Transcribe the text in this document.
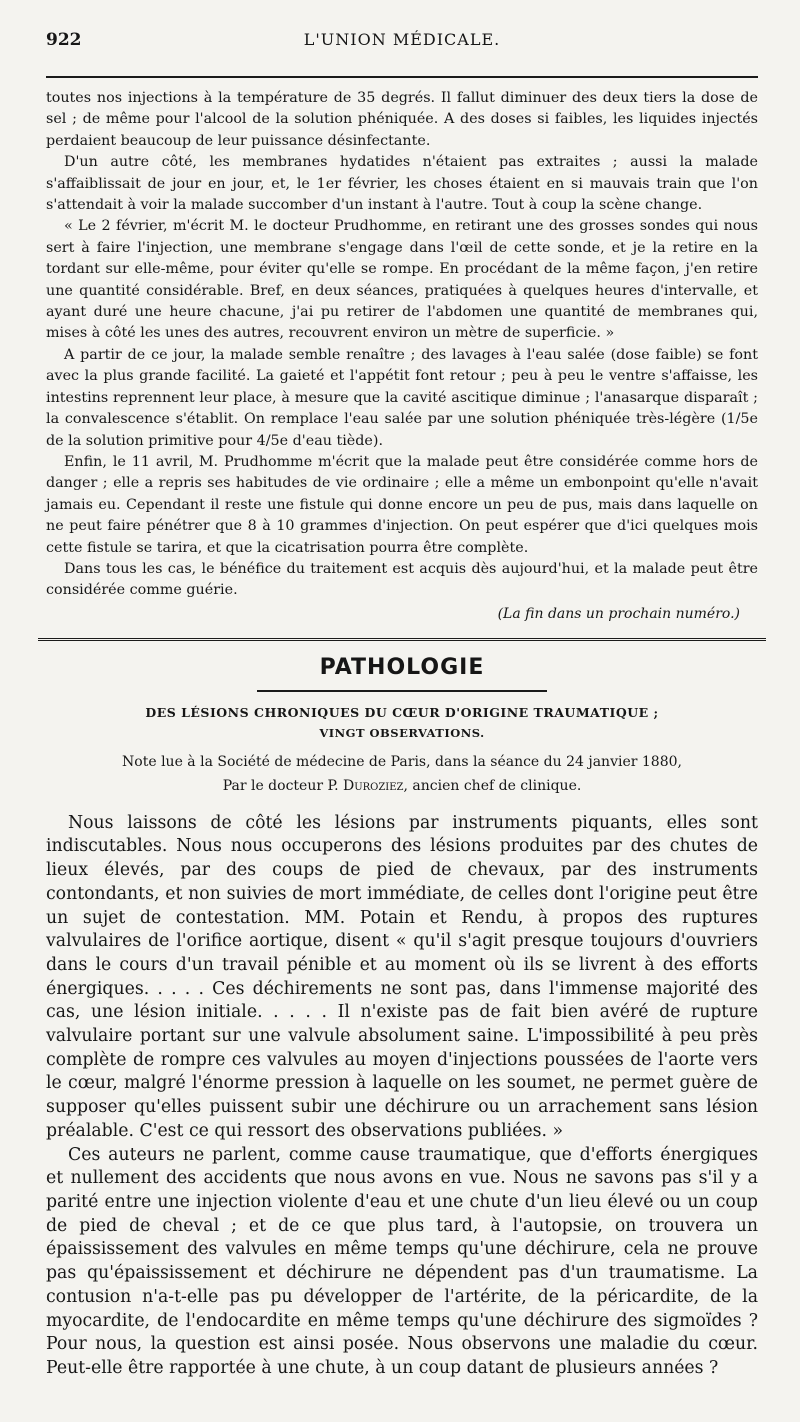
922	L'UNION MÉDICALE.

toutes nos injections à la température de 35 degrés. Il fallut diminuer des deux tiers la dose de sel ; de même pour l'alcool de la solution phéniquée. A des doses si faibles, les liquides injectés perdaient beaucoup de leur puissance désinfectante.

D'un autre côté, les membranes hydatides n'étaient pas extraites ; aussi la malade s'affaiblissait de jour en jour, et, le 1er février, les choses étaient en si mauvais train que l'on s'attendait à voir la malade succomber d'un instant à l'autre. Tout à coup la scène change.

« Le 2 février, m'écrit M. le docteur Prudhomme, en retirant une des grosses sondes qui nous sert à faire l'injection, une membrane s'engage dans l'œil de cette sonde, et je la retire en la tordant sur elle-même, pour éviter qu'elle se rompe. En procédant de la même façon, j'en retire une quantité considérable. Bref, en deux séances, pratiquées à quelques heures d'intervalle, et ayant duré une heure chacune, j'ai pu retirer de l'abdomen une quantité de membranes qui, mises à côté les unes des autres, recouvrent environ un mètre de superficie. »

A partir de ce jour, la malade semble renaître ; des lavages à l'eau salée (dose faible) se font avec la plus grande facilité. La gaieté et l'appétit font retour ; peu à peu le ventre s'affaisse, les intestins reprennent leur place, à mesure que la cavité ascitique diminue ; l'anasarque disparaît ; la convalescence s'établit. On remplace l'eau salée par une solution phéniquée très-légère (1/5e de la solution primitive pour 4/5e d'eau tiède).

Enfin, le 11 avril, M. Prudhomme m'écrit que la malade peut être considérée comme hors de danger ; elle a repris ses habitudes de vie ordinaire ; elle a même un embonpoint qu'elle n'avait jamais eu. Cependant il reste une fistule qui donne encore un peu de pus, mais dans laquelle on ne peut faire pénétrer que 8 à 10 grammes d'injection. On peut espérer que d'ici quelques mois cette fistule se tarira, et que la cicatrisation pourra être complète.

Dans tous les cas, le bénéfice du traitement est acquis dès aujourd'hui, et la malade peut être considérée comme guérie.

(La fin dans un prochain numéro.)
PATHOLOGIE
DES LÉSIONS CHRONIQUES DU CŒUR D'ORIGINE TRAUMATIQUE ;
VINGT OBSERVATIONS.
Note lue à la Société de médecine de Paris, dans la séance du 24 janvier 1880,
Par le docteur P. Duroziez, ancien chef de clinique.

Nous laissons de côté les lésions par instruments piquants, elles sont indiscutables. Nous nous occuperons des lésions produites par des chutes de lieux élevés, par des coups de pied de chevaux, par des instruments contondants, et non suivies de mort immédiate, de celles dont l'origine peut être un sujet de contestation. MM. Potain et Rendu, à propos des ruptures valvulaires de l'orifice aortique, disent « qu'il s'agit presque toujours d'ouvriers dans le cours d'un travail pénible et au moment où ils se livrent à des efforts énergiques. . . . . Ces déchirements ne sont pas, dans l'immense majorité des cas, une lésion initiale. . . . . Il n'existe pas de fait bien avéré de rupture valvulaire portant sur une valvule absolument saine. L'impossibilité à peu près complète de rompre ces valvules au moyen d'injections poussées de l'aorte vers le cœur, malgré l'énorme pression à laquelle on les soumet, ne permet guère de supposer qu'elles puissent subir une déchirure ou un arrachement sans lésion préalable. C'est ce qui ressort des observations publiées. »

Ces auteurs ne parlent, comme cause traumatique, que d'efforts énergiques et nullement des accidents que nous avons en vue. Nous ne savons pas s'il y a parité entre une injection violente d'eau et une chute d'un lieu élevé ou un coup de pied de cheval ; et de ce que plus tard, à l'autopsie, on trouvera un épaississement des valvules en même temps qu'une déchirure, cela ne prouve pas qu'épaississement et déchirure ne dépendent pas d'un traumatisme. La contusion n'a-t-elle pas pu développer de l'artérite, de la péricardite, de la myocardite, de l'endocardite en même temps qu'une déchirure des sigmoïdes ? Pour nous, la question est ainsi posée. Nous observons une maladie du cœur. Peut-elle être rapportée à une chute, à un coup datant de plusieurs années ?
